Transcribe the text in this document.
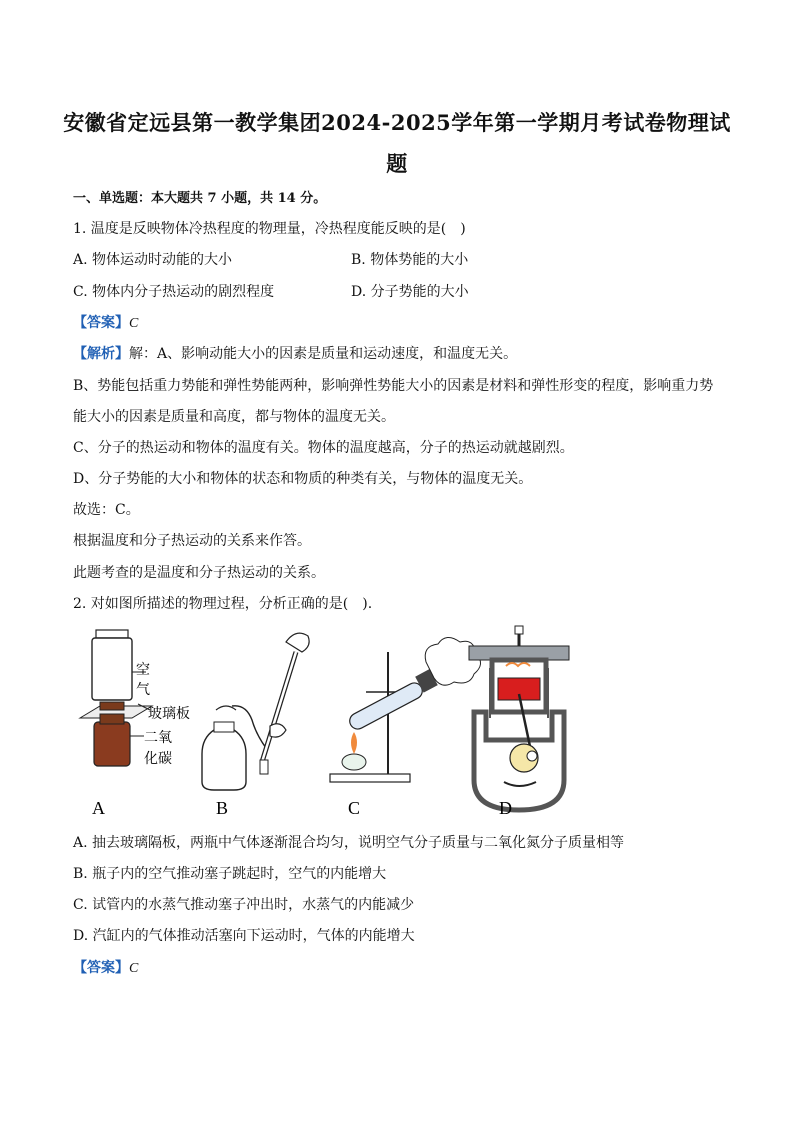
安徽省定远县第一教学集团2024-2025学年第一学期月考试卷物理试
题
一、单选题：本大题共 7 小题，共 14 分。
1. 温度是反映物体冷热程度的物理量，冷热程度能反映的是(　)
A. 物体运动时动能的大小	B. 物体势能的大小
C. 物体内分子热运动的剧烈程度	D. 分子势能的大小
【答案】C
【解析】解：A、影响动能大小的因素是质量和运动速度，和温度无关。
B、势能包括重力势能和弹性势能两种，影响弹性势能大小的因素是材料和弹性形变的程度，影响重力势
能大小的因素是质量和高度，都与物体的温度无关。
C、分子的热运动和物体的温度有关。物体的温度越高，分子的热运动就越剧烈。
D、分子势能的大小和物体的状态和物质的种类有关，与物体的温度无关。
故选：C。
根据温度和分子热运动的关系来作答。
此题考查的是温度和分子热运动的关系。
2. 对如图所描述的物理过程，分析正确的是(　).
空
气
玻璃板
二氧
化碳
A	B	C	D
A. 抽去玻璃隔板，两瓶中气体逐渐混合均匀，说明空气分子质量与二氧化氮分子质量相等
B. 瓶子内的空气推动塞子跳起时，空气的内能增大
C. 试管内的水蒸气推动塞子冲出时，水蒸气的内能减少
D. 汽缸内的气体推动活塞向下运动时，气体的内能增大
【答案】C
